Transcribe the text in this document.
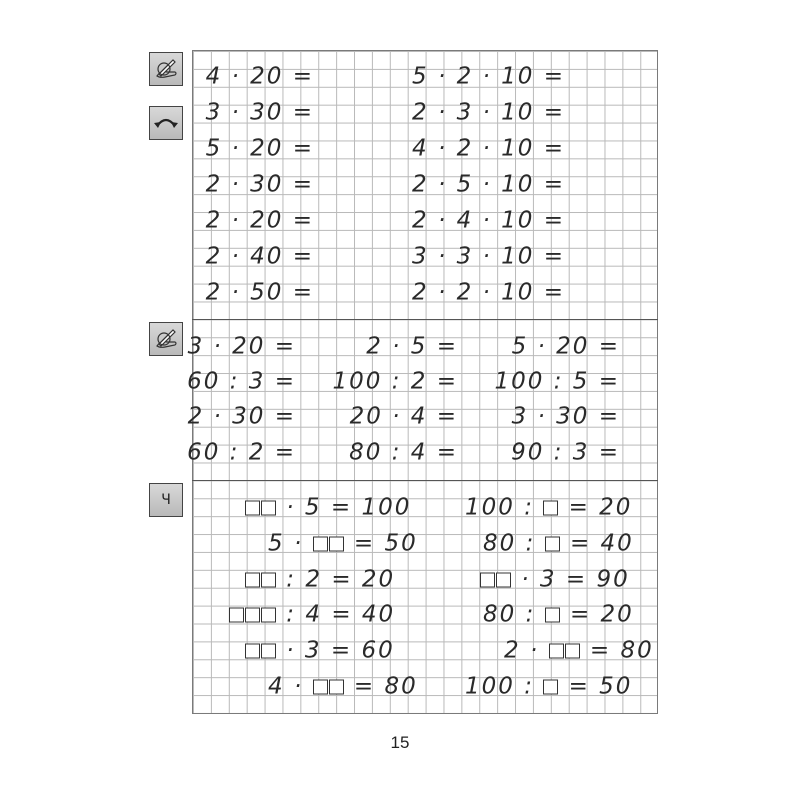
Ч
4 · 20 =
3 · 30 =
5 · 20 =
2 · 30 =
2 · 20 =
2 · 40 =
2 · 50 =
5 · 2 · 10 =
2 · 3 · 10 =
4 · 2 · 10 =
2 · 5 · 10 =
2 · 4 · 10 =
3 · 3 · 10 =
2 · 2 · 10 =
3 · 20 =
60 : 3 =
2 · 30 =
60 : 2 =
2 · 5 =
100 : 2 =
20 · 4 =
80 : 4 =
5 · 20 =
100 : 5 =
3 · 30 =
90 : 3 =
· 5 = 100
5 ·
= 50
: 2 = 20
: 4 = 40
· 3 = 60
4 ·
= 80
100 :
= 20
80 :
= 40
· 3 = 90
80 :
= 20
2 ·
= 80
100 :
= 50
15
